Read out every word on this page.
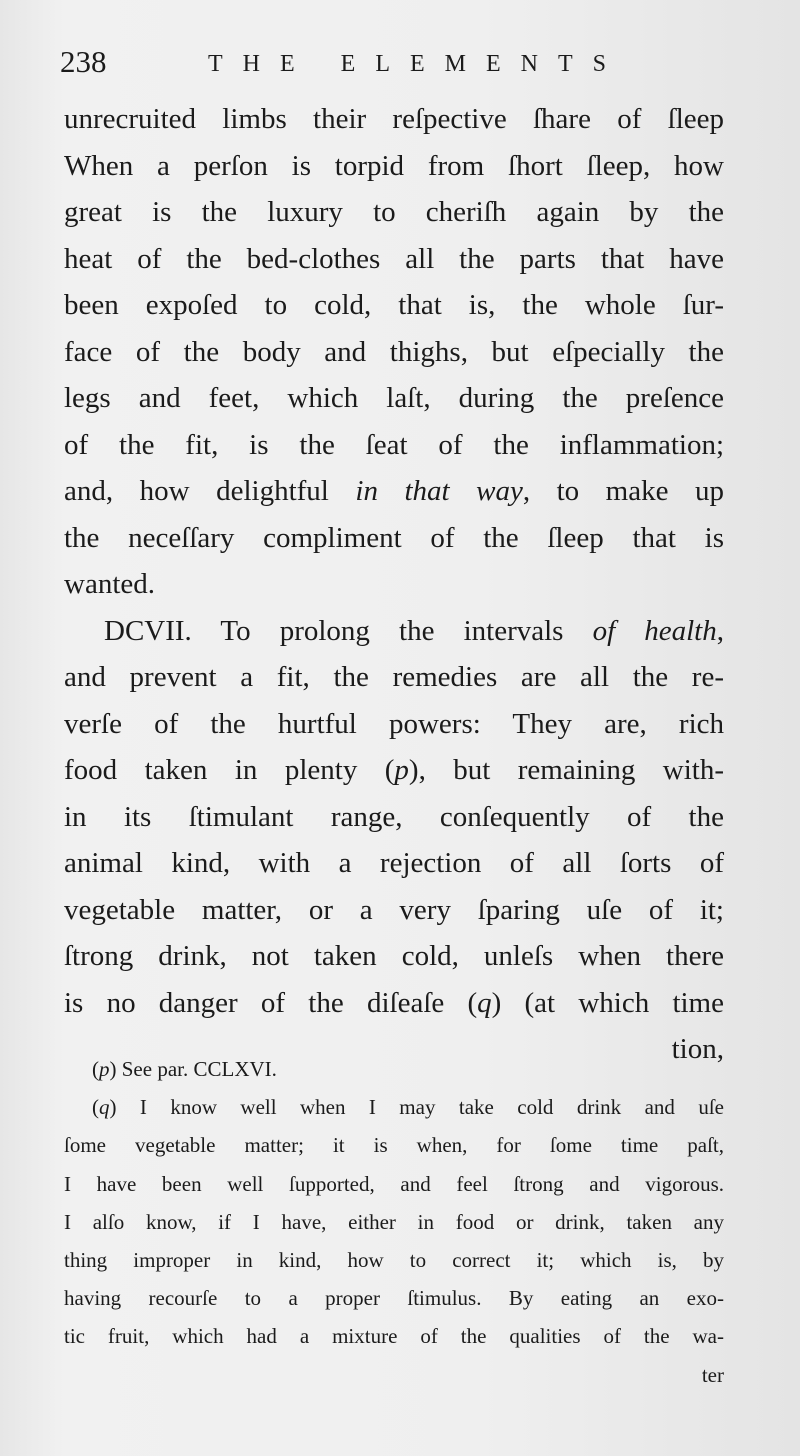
238	THE ELEMENTS
unrecruited limbs their reſpective ſhare of ſleep
When a perſon is torpid from ſhort ſleep, how
great is the luxury to cheriſh again by the
heat of the bed-clothes all the parts that have
been expoſed to cold, that is, the whole ſur-
face of the body and thighs, but eſpecially the
legs and feet, which laſt, during the preſence
of the fit, is the ſeat of the inflammation;
and, how delightful in that way, to make up
the neceſſary compliment of the ſleep that is
wanted.
DCVII. To prolong the intervals of health,
and prevent a fit, the remedies are all the re-
verſe of the hurtful powers: They are, rich
food taken in plenty (p), but remaining with-
in its ſtimulant range, conſequently of the
animal kind, with a rejection of all ſorts of
vegetable matter, or a very ſparing uſe of it;
ſtrong drink, not taken cold, unleſs when there
is no danger of the diſeaſe (q) (at which time
tion,
(p) See par. CCLXVI.
(q) I know well when I may take cold drink and uſe
ſome vegetable matter; it is when, for ſome time paſt,
I have been well ſupported, and feel ſtrong and vigorous.
I alſo know, if I have, either in food or drink, taken any
thing improper in kind, how to correct it; which is, by
having recourſe to a proper ſtimulus. By eating an exo-
tic fruit, which had a mixture of the qualities of the wa-
ter
